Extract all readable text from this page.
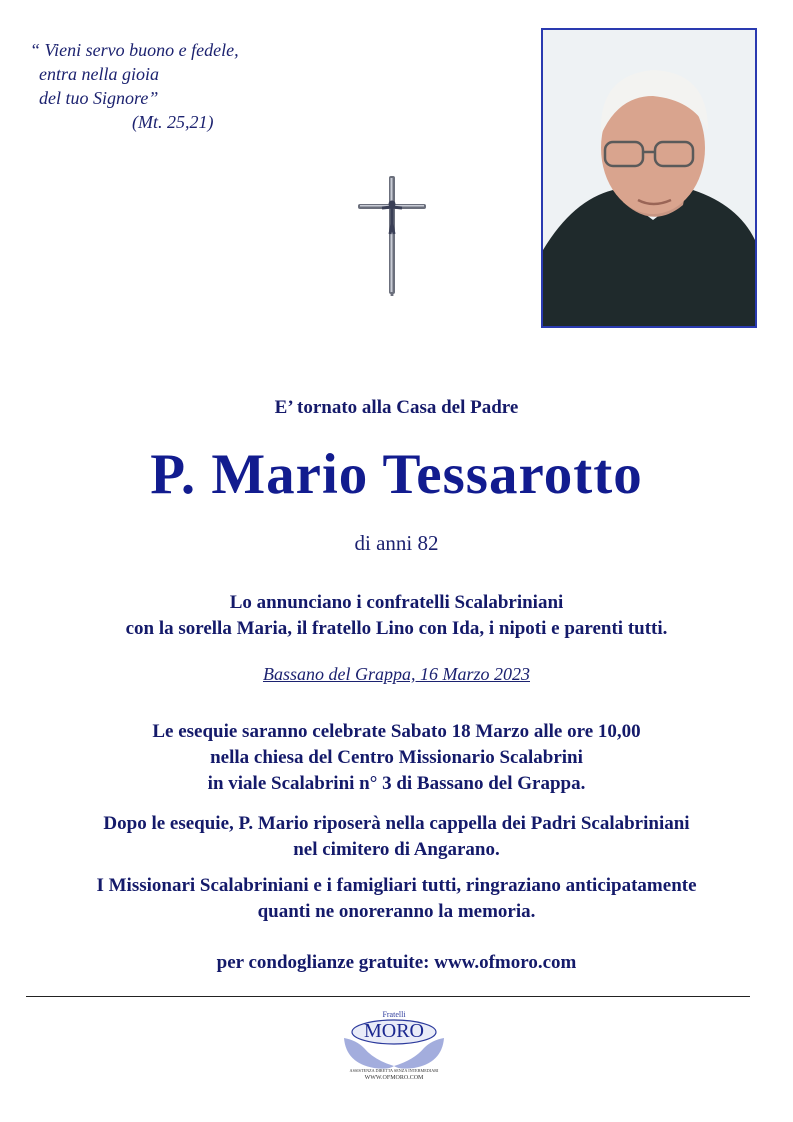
“ Vieni servo buono e fedele,
entra nella gioia
del tuo Signore”
(Mt. 25,21)
E’ tornato alla Casa del Padre
P. Mario Tessarotto
di anni 82
Lo annunciano i confratelli Scalabriniani
con la sorella Maria, il fratello Lino con Ida, i nipoti e parenti tutti.
Bassano del Grappa, 16 Marzo 2023
Le esequie saranno celebrate Sabato 18 Marzo alle ore 10,00
nella chiesa del Centro Missionario Scalabrini
in viale Scalabrini n° 3 di Bassano del Grappa.
Dopo le esequie, P. Mario riposerà nella cappella dei Padri Scalabriniani
nel cimitero di Angarano.
I Missionari Scalabriniani e i famigliari tutti, ringraziano anticipatamente
quanti ne onoreranno la memoria.
per condoglianze gratuite: www.ofmoro.com
Fratelli
MORO
ASSISTENZA DIRETTA SENZA INTERMEDIARI
WWW.OFMORO.COM
